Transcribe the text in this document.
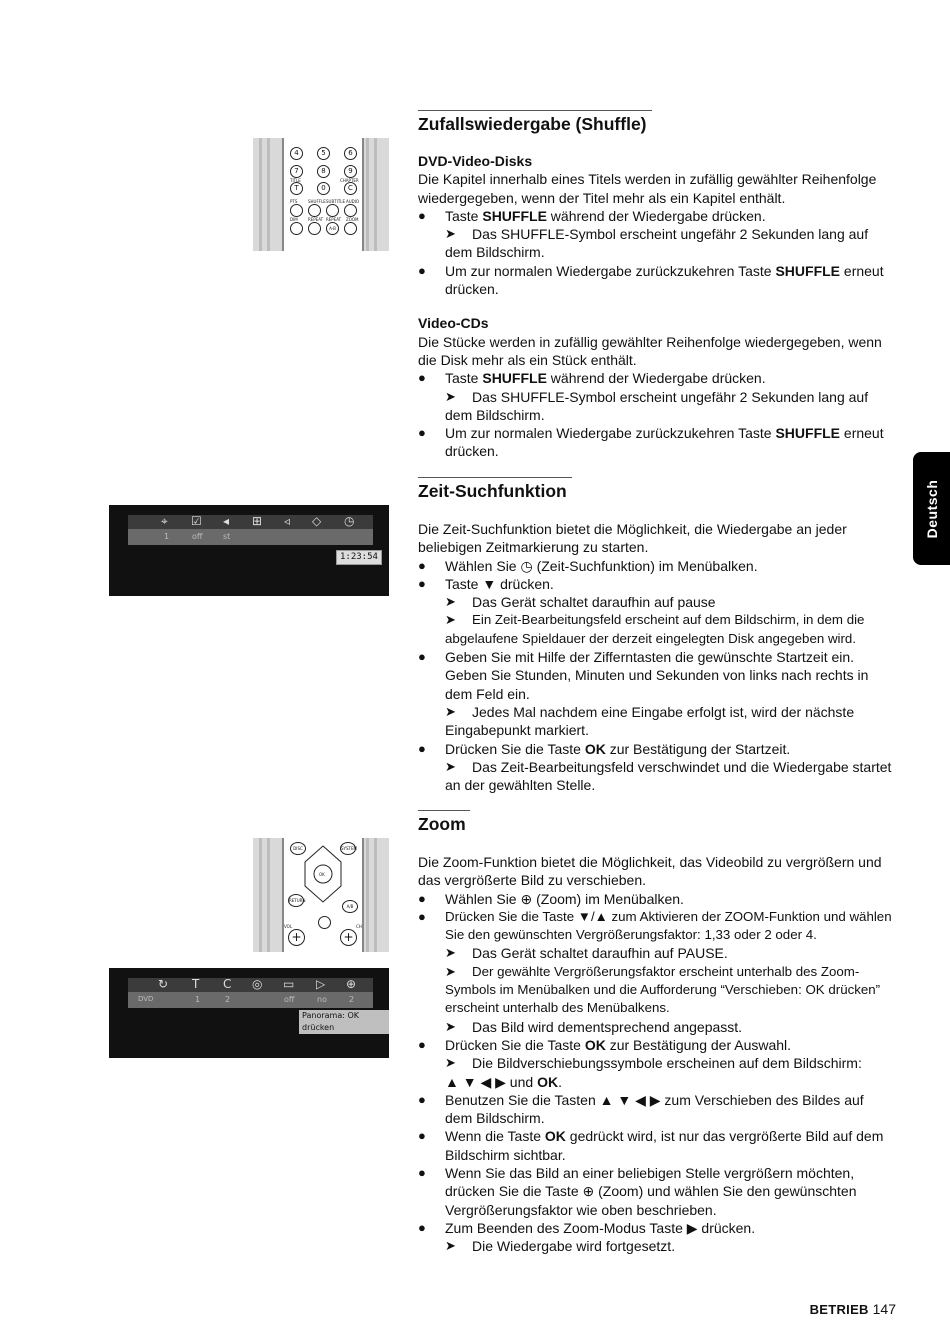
Deutsch
4	5	6
7	8	9
TITLE	CHAPTER
T	0	C
PTS	SHUFFLE SUBTITLE AUDIO
DIM	REPEAT REPEAT ZOOM
A-B
⌖ ☑ ◂ ⊞ ◃ ◇ ◷
1	off	st
1:23:54
DISC	SYSTEM
OK
RETURN
A/B
+	+
VOL	CH
↻ T C ◎ ▭ ▷ ⊕
DVD	1	2	off	no	2
Panorama: OK drücken
Zufallswiedergabe (Shuffle)
DVD-Video-Disks

Die Kapitel innerhalb eines Titels werden in zufällig gewählter Reihenfolge wiedergegeben, wenn der Titel mehr als ein Kapitel enthält.

● Taste SHUFFLE während der Wiedergabe drücken.

➤ Das SHUFFLE-Symbol erscheint ungefähr 2 Sekunden lang auf dem Bildschirm.

● Um zur normalen Wiedergabe zurückzukehren Taste SHUFFLE erneut drücken.

Video-CDs

Die Stücke werden in zufällig gewählter Reihenfolge wiedergegeben, wenn die Disk mehr als ein Stück enthält.

● Taste SHUFFLE während der Wiedergabe drücken.

➤ Das SHUFFLE-Symbol erscheint ungefähr 2 Sekunden lang auf dem Bildschirm.

● Um zur normalen Wiedergabe zurückzukehren Taste SHUFFLE erneut drücken.

Zeit-Suchfunktion

Die Zeit-Suchfunktion bietet die Möglichkeit, die Wiedergabe an jeder beliebigen Zeitmarkierung zu starten.

● Wählen Sie ◷ (Zeit-Suchfunktion) im Menübalken.

● Taste ▼ drücken.

➤ Das Gerät schaltet daraufhin auf pause

➤ Ein Zeit-Bearbeitungsfeld erscheint auf dem Bildschirm, in dem die abgelaufene Spieldauer der derzeit eingelegten Disk angegeben wird.

● Geben Sie mit Hilfe der Zifferntasten die gewünschte Startzeit ein. Geben Sie Stunden, Minuten und Sekunden von links nach rechts in dem Feld ein.

➤ Jedes Mal nachdem eine Eingabe erfolgt ist, wird der nächste Eingabepunkt markiert.

● Drücken Sie die Taste OK zur Bestätigung der Startzeit.

➤ Das Zeit-Bearbeitungsfeld verschwindet und die Wiedergabe startet an der gewählten Stelle.

Zoom

Die Zoom-Funktion bietet die Möglichkeit, das Videobild zu vergrößern und das vergrößerte Bild zu verschieben.

● Wählen Sie ⊕ (Zoom) im Menübalken.

● Drücken Sie die Taste ▼/▲ zum Aktivieren der ZOOM-Funktion und wählen Sie den gewünschten Vergrößerungsfaktor: 1,33 oder 2 oder 4.

➤ Das Gerät schaltet daraufhin auf PAUSE.

➤ Der gewählte Vergrößerungsfaktor erscheint unterhalb des Zoom-Symbols im Menübalken und die Aufforderung “Verschieben: OK drücken” erscheint unterhalb des Menübalkens.

➤ Das Bild wird dementsprechend angepasst.

● Drücken Sie die Taste OK zur Bestätigung der Auswahl.

➤ Die Bildverschiebungssymbole erscheinen auf dem Bildschirm:
▲ ▼ ◀ ▶ und OK.

● Benutzen Sie die Tasten ▲ ▼ ◀ ▶ zum Verschieben des Bildes auf dem Bildschirm.

● Wenn die Taste OK gedrückt wird, ist nur das vergrößerte Bild auf dem Bildschirm sichtbar.

● Wenn Sie das Bild an einer beliebigen Stelle vergrößern möchten, drücken Sie die Taste ⊕ (Zoom) und wählen Sie den gewünschten Vergrößerungsfaktor wie oben beschrieben.

● Zum Beenden des Zoom-Modus Taste ▶ drücken.

➤ Die Wiedergabe wird fortgesetzt.

BETRIEB 147
